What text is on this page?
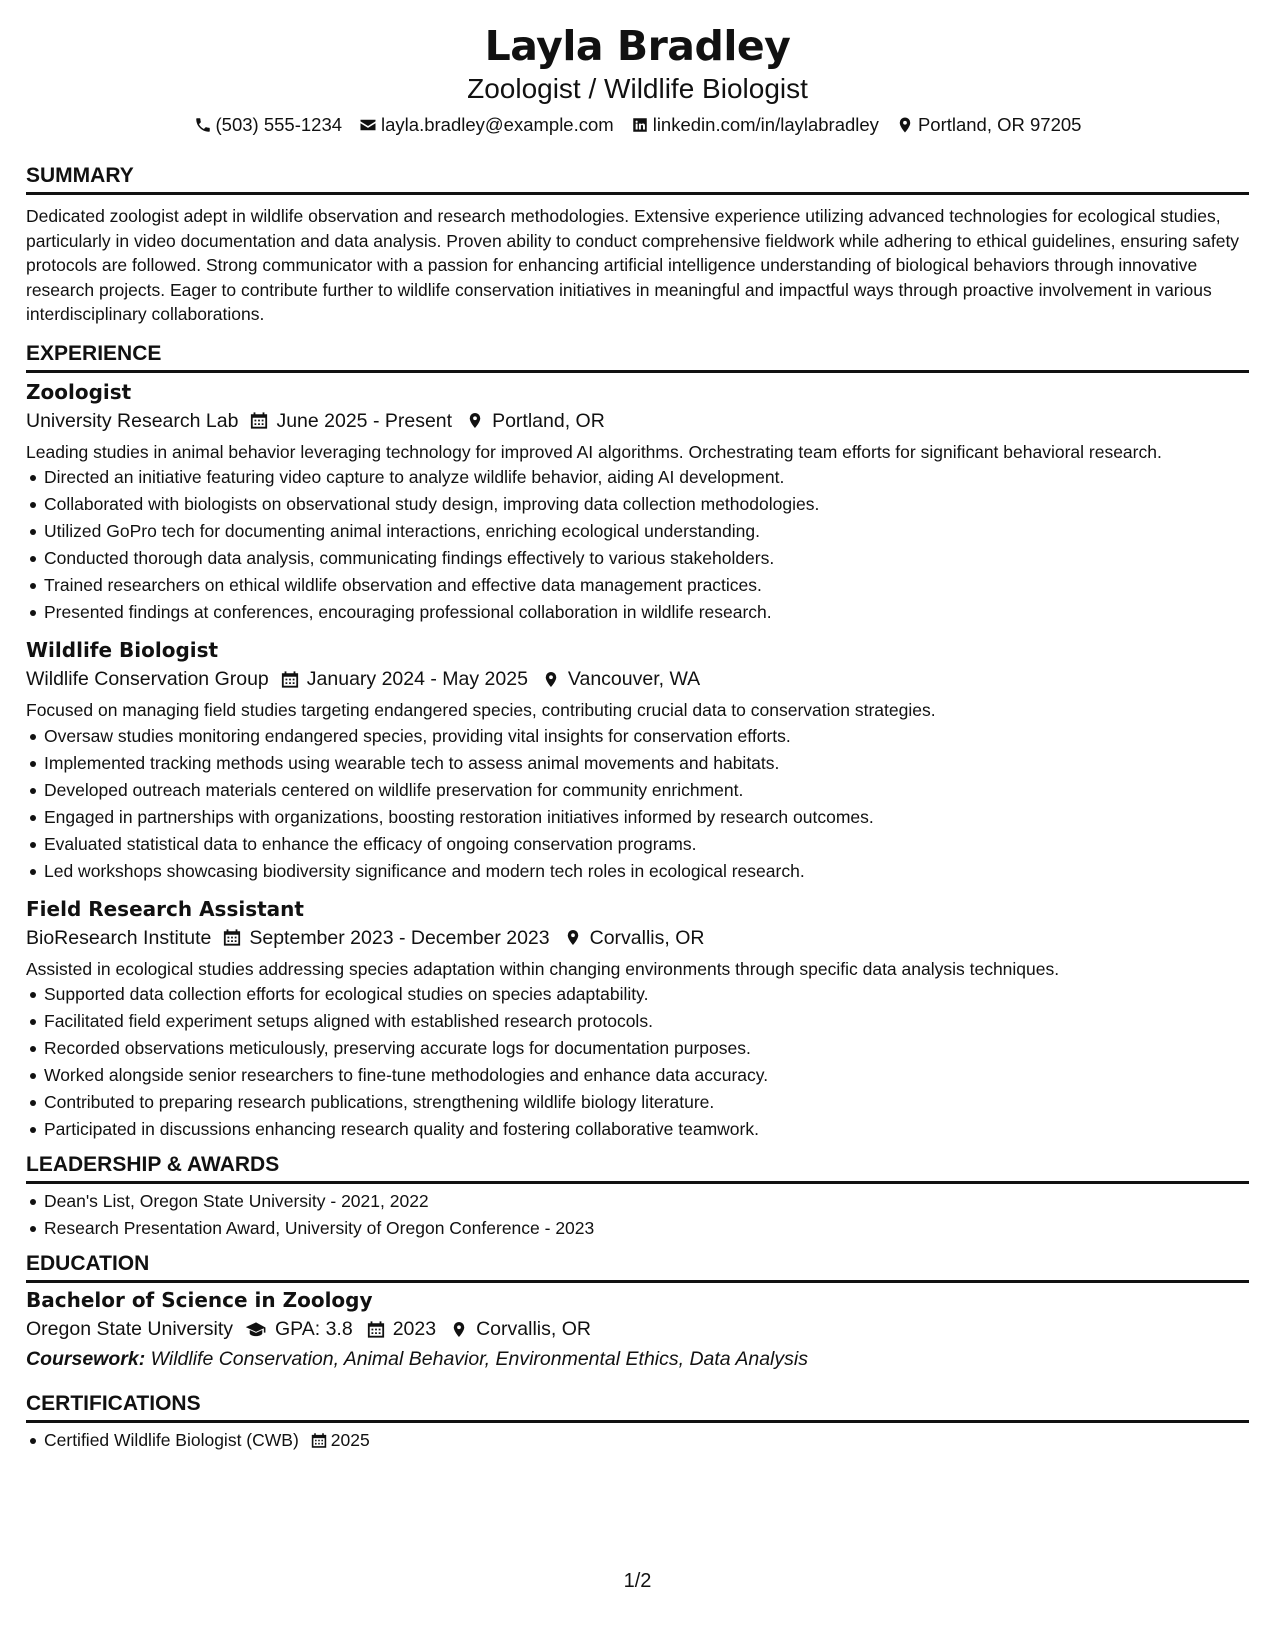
Layla Bradley
Zoologist / Wildlife Biologist
(503) 555-1234 layla.bradley@example.com linkedin.com/in/laylabradley Portland, OR 97205
SUMMARY
Dedicated zoologist adept in wildlife observation and research methodologies. Extensive experience utilizing advanced technologies for ecological studies, particularly in video documentation and data analysis. Proven ability to conduct comprehensive fieldwork while adhering to ethical guidelines, ensuring safety protocols are followed. Strong communicator with a passion for enhancing artificial intelligence understanding of biological behaviors through innovative research projects. Eager to contribute further to wildlife conservation initiatives in meaningful and impactful ways through proactive involvement in various interdisciplinary collaborations.
EXPERIENCE
Zoologist
University Research Lab June 2025 - Present Portland, OR
Leading studies in animal behavior leveraging technology for improved AI algorithms. Orchestrating team efforts for significant behavioral research.
Directed an initiative featuring video capture to analyze wildlife behavior, aiding AI development.
Collaborated with biologists on observational study design, improving data collection methodologies.
Utilized GoPro tech for documenting animal interactions, enriching ecological understanding.
Conducted thorough data analysis, communicating findings effectively to various stakeholders.
Trained researchers on ethical wildlife observation and effective data management practices.
Presented findings at conferences, encouraging professional collaboration in wildlife research.
Wildlife Biologist
Wildlife Conservation Group January 2024 - May 2025 Vancouver, WA
Focused on managing field studies targeting endangered species, contributing crucial data to conservation strategies.
Oversaw studies monitoring endangered species, providing vital insights for conservation efforts.
Implemented tracking methods using wearable tech to assess animal movements and habitats.
Developed outreach materials centered on wildlife preservation for community enrichment.
Engaged in partnerships with organizations, boosting restoration initiatives informed by research outcomes.
Evaluated statistical data to enhance the efficacy of ongoing conservation programs.
Led workshops showcasing biodiversity significance and modern tech roles in ecological research.
Field Research Assistant
BioResearch Institute September 2023 - December 2023 Corvallis, OR
Assisted in ecological studies addressing species adaptation within changing environments through specific data analysis techniques.
Supported data collection efforts for ecological studies on species adaptability.
Facilitated field experiment setups aligned with established research protocols.
Recorded observations meticulously, preserving accurate logs for documentation purposes.
Worked alongside senior researchers to fine-tune methodologies and enhance data accuracy.
Contributed to preparing research publications, strengthening wildlife biology literature.
Participated in discussions enhancing research quality and fostering collaborative teamwork.
LEADERSHIP & AWARDS
Dean's List, Oregon State University - 2021, 2022
Research Presentation Award, University of Oregon Conference - 2023
EDUCATION
Bachelor of Science in Zoology
Oregon State University GPA: 3.8 2023 Corvallis, OR
Coursework: Wildlife Conservation, Animal Behavior, Environmental Ethics, Data Analysis
CERTIFICATIONS
Certified Wildlife Biologist (CWB) 2025
1/2
